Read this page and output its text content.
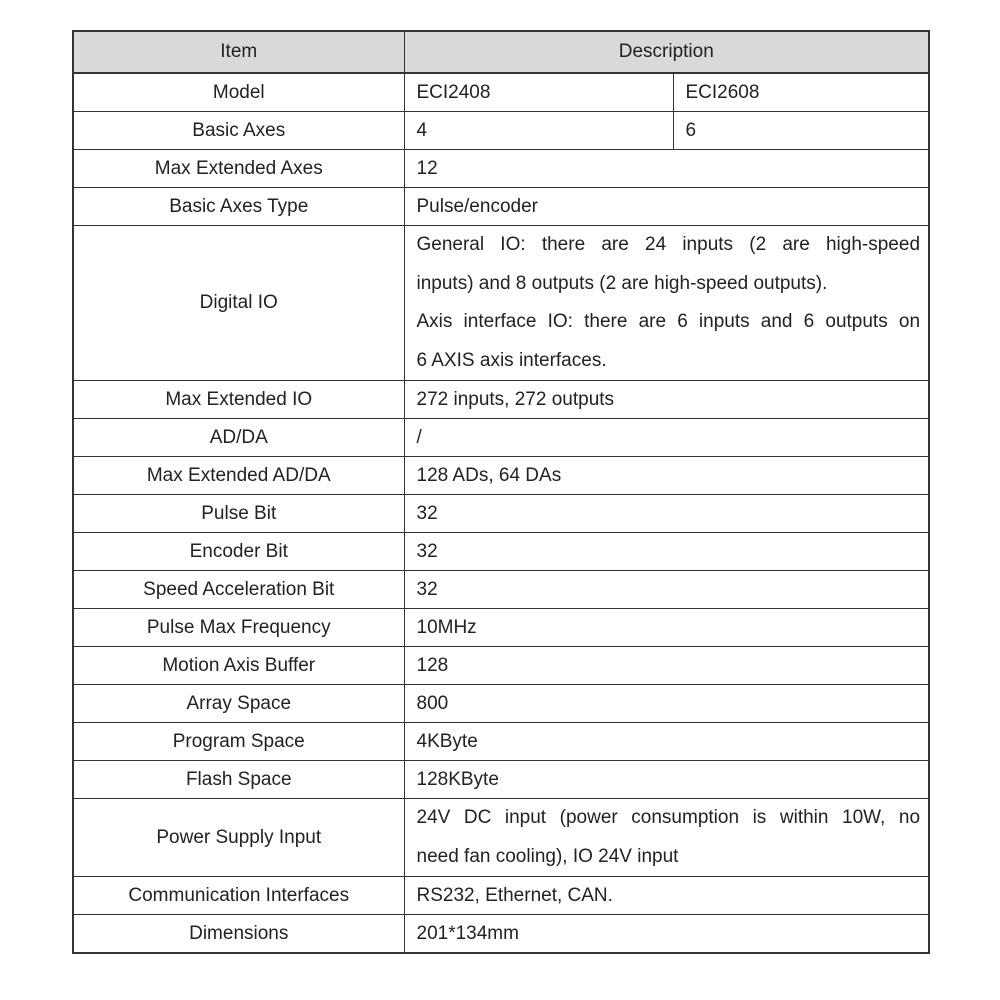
Item	Description	
Model	ECI2408	ECI2608
Basic Axes	4	6
Max Extended Axes	12	
Basic Axes Type	Pulse/encoder	
Digital IO	General IO: there are 24 inputs (2 are high-speed
inputs) and 8 outputs (2 are high-speed outputs).
Axis interface IO: there are 6 inputs and 6 outputs on
6 AXIS axis interfaces.	

Max Extended IO	272 inputs, 272 outputs	
AD/DA	/	
Max Extended AD/DA	128 ADs, 64 DAs	
Pulse Bit	32	
Encoder Bit	32	
Speed Acceleration Bit	32	
Pulse Max Frequency	10MHz	
Motion Axis Buffer	128	
Array Space	800	
Program Space	4KByte	
Flash Space	128KByte	
Power Supply Input	24V DC input (power consumption is within 10W, no
need fan cooling), IO 24V input	

Communication Interfaces	RS232, Ethernet, CAN.	
Dimensions	201*134mm	
